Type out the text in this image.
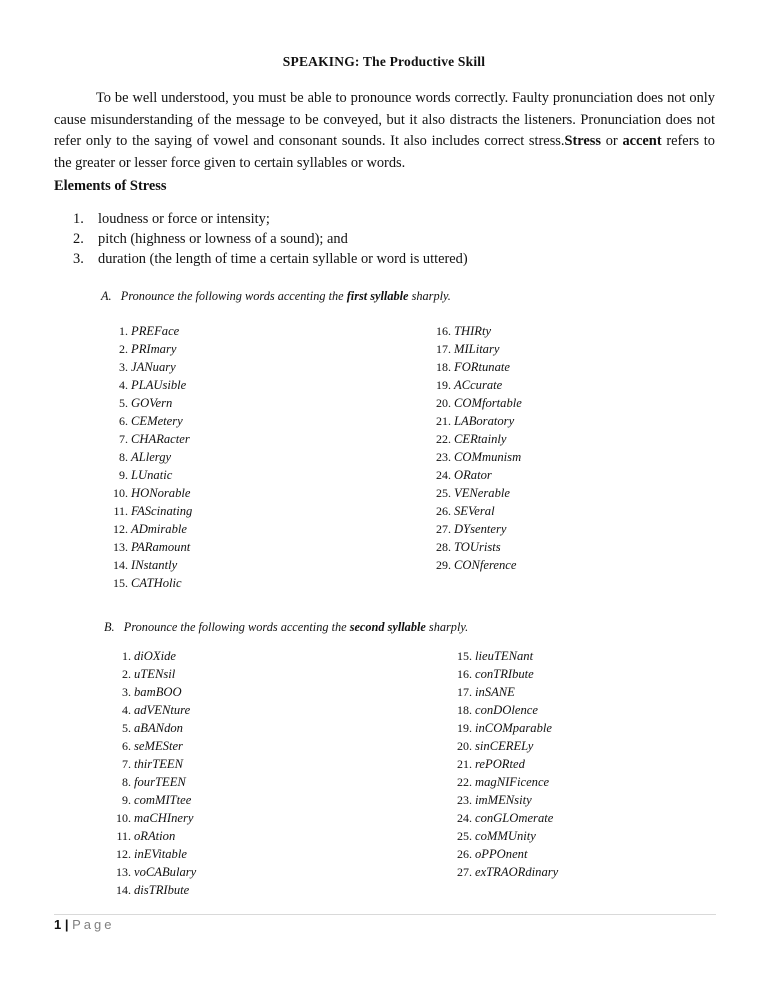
SPEAKING: The Productive Skill

To be well understood, you must be able to pronounce words correctly. Faulty pronunciation does not only cause misunderstanding of the message to be conveyed, but it also distracts the listeners. Pronunciation does not refer only to the saying of vowel and consonant sounds. It also includes correct stress.Stress or accent refers to the greater or lesser force given to certain syllables or words.

Elements of Stress
1. loudness or force or intensity;
2. pitch (highness or lowness of a sound); and
3. duration (the length of time a certain syllable or word is uttered)
A.   Pronounce the following words accenting the first syllable sharply.
1. PREFace
2. PRImary
3. JANuary
4. PLAUsible
5. GOVern
6. CEMetery
7. CHARacter
8. ALlergy
9. LUnatic
10. HONorable
11. FAScinating
12. ADmirable
13. PARamount
14. INstantly
15. CATHolic
16. THIRty
17. MILitary
18. FORtunate
19. ACcurate
20. COMfortable
21. LABoratory
22. CERtainly
23. COMmunism
24. ORator
25. VENerable
26. SEVeral
27. DYsentery
28. TOUrists
29. CONference
B.   Pronounce the following words accenting the second syllable sharply.
1. diOXide
2. uTENsil
3. bamBOO
4. adVENture
5. aBANdon
6. seMESter
7. thirTEEN
8. fourTEEN
9. comMITtee
10. maCHInery
11. oRAtion
12. inEVitable
13. voCABulary
14. disTRIbute
15. lieuTENant
16. conTRIbute
17. inSANE
18. conDOlence
19. inCOMparable
20. sinCERELy
21. rePORted
22. magNIFicence
23. imMENsity
24. conGLOmerate
25. coMMUnity
26. oPPOnent
27. exTRAORdinary
1 | Page
